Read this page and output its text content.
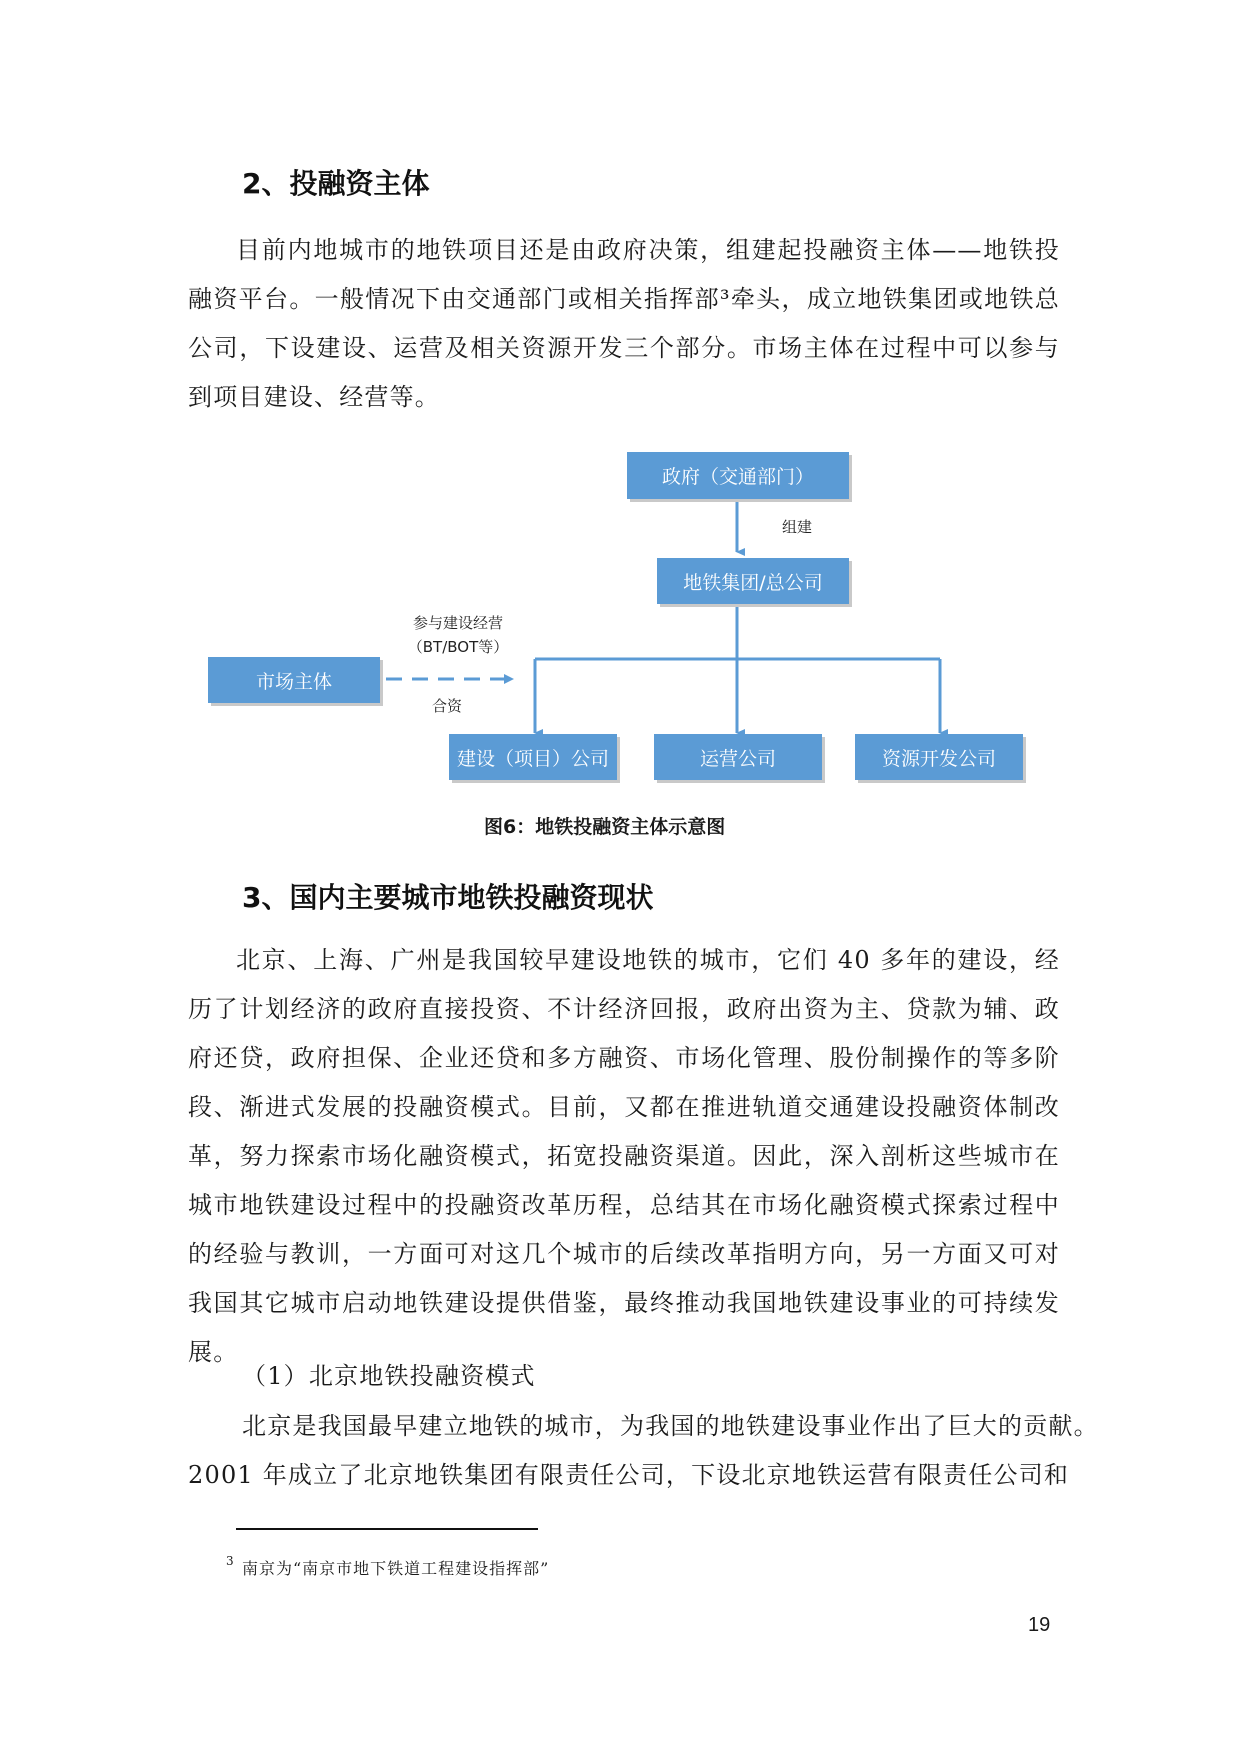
2、投融资主体

目前内地城市的地铁项目还是由政府决策，组建起投融资主体——地铁投融资平台。一般情况下由交通部门或相关指挥部³牵头，成立地铁集团或地铁总公司，下设建设、运营及相关资源开发三个部分。市场主体在过程中可以参与到项目建设、经营等。

政府（交通部门）
组建
地铁集团/总公司
市场主体
参与建设经营
（BT/BOT等）
合资
建设（项目）公司	运营公司	资源开发公司
图6：地铁投融资主体示意图
3、国内主要城市地铁投融资现状

北京、上海、广州是我国较早建设地铁的城市，它们 40 多年的建设，经历了计划经济的政府直接投资、不计经济回报，政府出资为主、贷款为辅、政府还贷，政府担保、企业还贷和多方融资、市场化管理、股份制操作的等多阶段、渐进式发展的投融资模式。目前，又都在推进轨道交通建设投融资体制改革，努力探索市场化融资模式，拓宽投融资渠道。因此，深入剖析这些城市在城市地铁建设过程中的投融资改革历程，总结其在市场化融资模式探索过程中的经验与教训，一方面可对这几个城市的后续改革指明方向，另一方面又可对我国其它城市启动地铁建设提供借鉴，最终推动我国地铁建设事业的可持续发展。

（1）北京地铁投融资模式
北京是我国最早建立地铁的城市，为我国的地铁建设事业作出了巨大的贡献。
2001 年成立了北京地铁集团有限责任公司，下设北京地铁运营有限责任公司和
3 南京为“南京市地下铁道工程建设指挥部”
19
